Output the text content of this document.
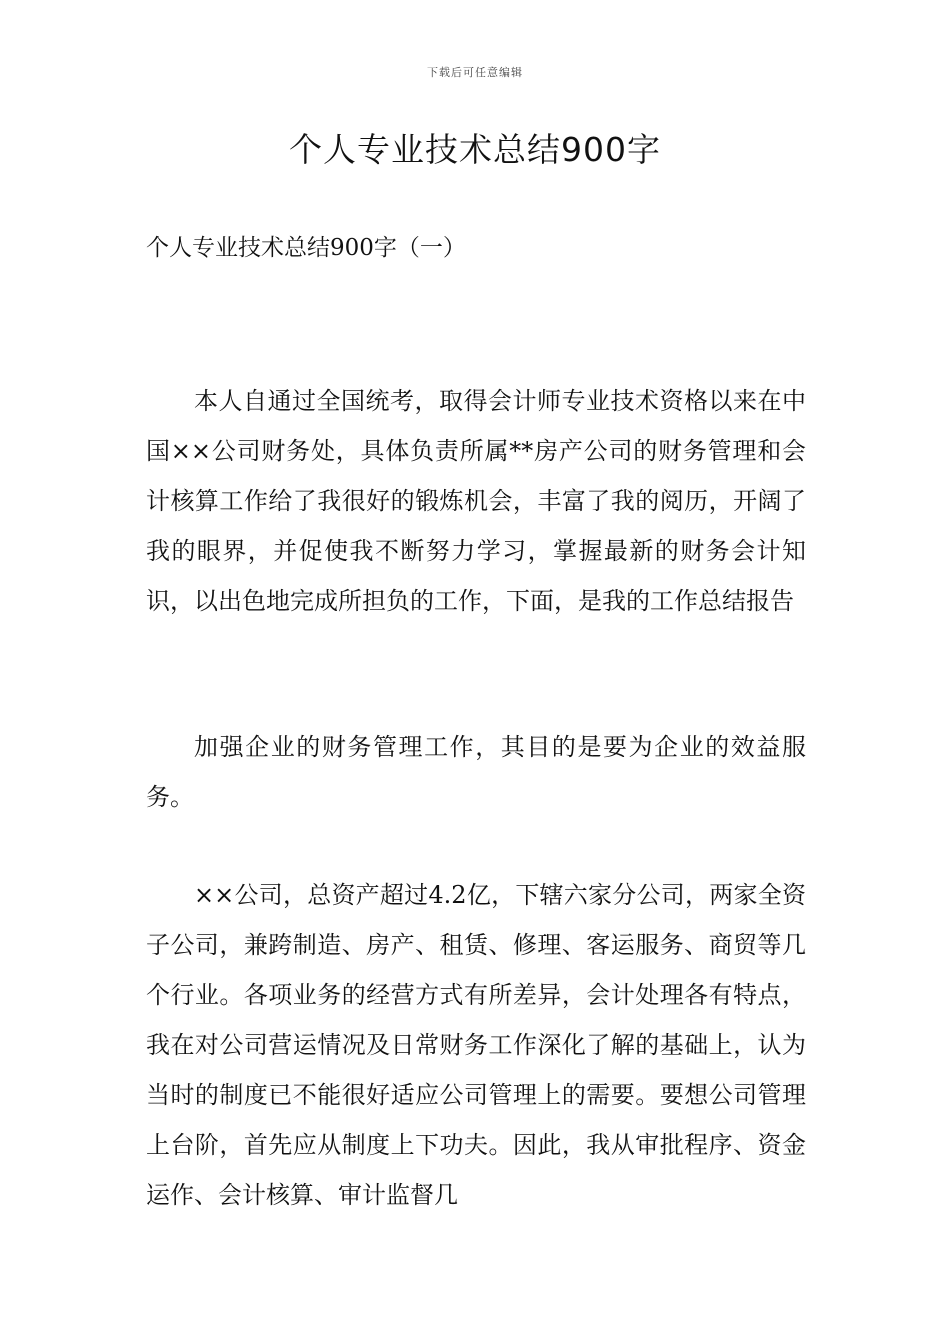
下载后可任意编辑
个人专业技术总结900字
个人专业技术总结900字（一）

本人自通过全国统考，取得会计师专业技术资格以来在中国××公司财务处，具体负责所属**房产公司的财务管理和会计核算工作给了我很好的锻炼机会，丰富了我的阅历，开阔了我的眼界，并促使我不断努力学习，掌握最新的财务会计知识，以出色地完成所担负的工作，下面，是我的工作总结报告

加强企业的财务管理工作，其目的是要为企业的效益服务。

××公司，总资产超过4.2亿，下辖六家分公司，两家全资子公司，兼跨制造、房产、租赁、修理、客运服务、商贸等几个行业。各项业务的经营方式有所差异，会计处理各有特点，我在对公司营运情况及日常财务工作深化了解的基础上，认为当时的制度已不能很好适应公司管理上的需要。要想公司管理上台阶，首先应从制度上下功夫。因此，我从审批程序、资金运作、会计核算、审计监督几
